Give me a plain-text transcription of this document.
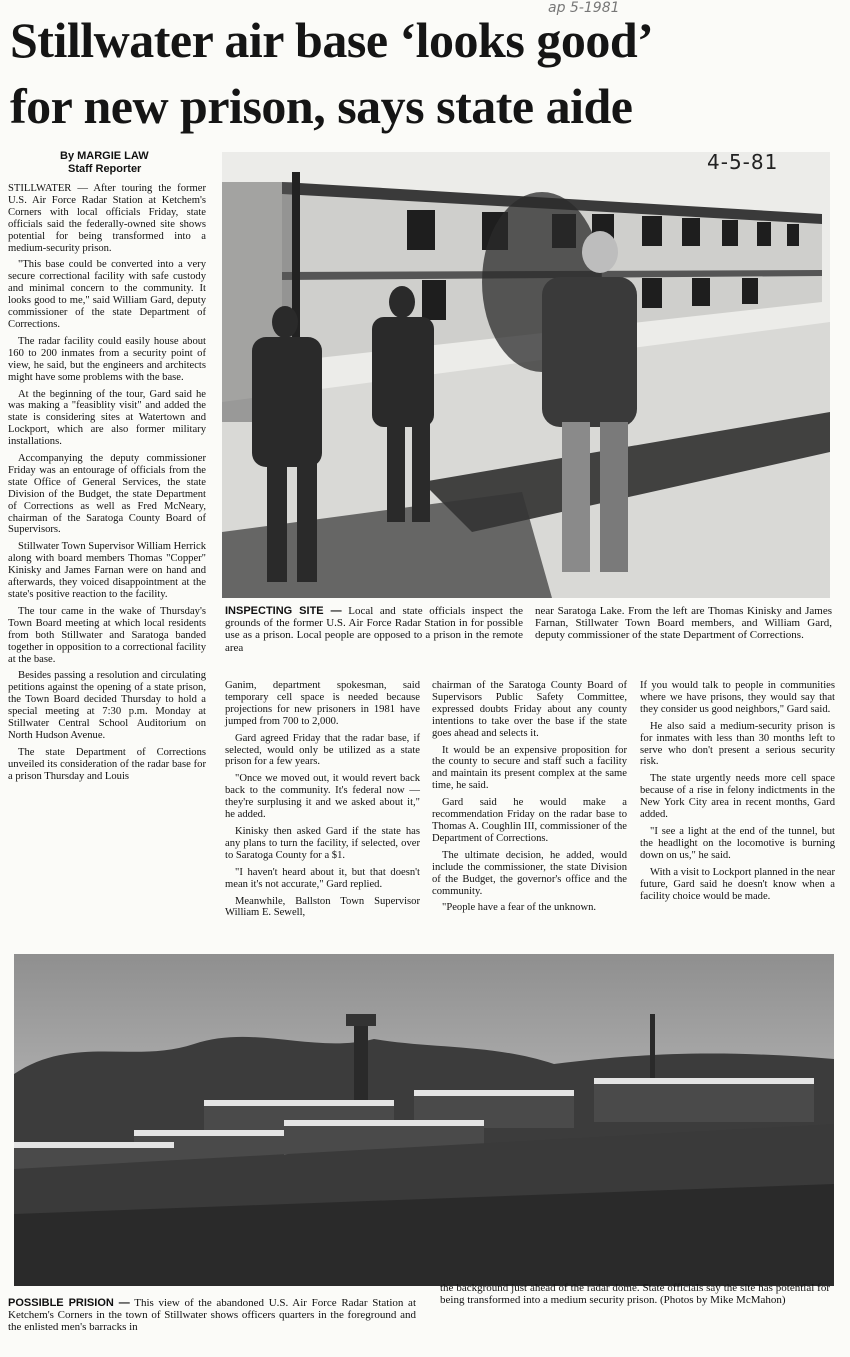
ap 5-1981
Stillwater air base ‘looks good’
for new prison, says state aide
By MARGIE LAW
Staff Reporter	4-5-81

STILLWATER — After touring the former U.S. Air Force Radar Station at Ketchem's Corners with local officials Friday, state officials said the federally-owned site shows potential for being transformed into a medium-security prison.

"This base could be converted into a very secure correctional facility with safe custody and minimal concern to the community. It looks good to me," said William Gard, deputy commissioner of the state Department of Corrections.

The radar facility could easily house about 160 to 200 inmates from a security point of view, he said, but the engineers and architects might have some problems with the base.

At the beginning of the tour, Gard said he was making a "feasiblity visit" and added the state is considering sites at Watertown and Lockport, which are also former military installations.

Accompanying the deputy commissioner Friday was an entourage of officials from the state Office of General Services, the state Division of the Budget, the state Department of Corrections as well as Fred McNeary, chairman of the Saratoga County Board of Supervisors.

Stillwater Town Supervisor William Herrick along with board members Thomas "Copper" Kinisky and James Farnan were on hand and afterwards, they voiced disappointment at the state's positive reaction to the facility.

The tour came in the wake of Thursday's Town Board meeting at which local residents from both Stillwater and Saratoga banded together in opposition to a correctional facility at the base.

Besides passing a resolution and circulating petitions against the opening of a state prison, the Town Board decided Thursday to hold a special meeting at 7:30 p.m. Monday at Stillwater Central School Auditorium on North Hudson Avenue.

The state Department of Corrections unveiled its consideration of the radar base for a prison Thursday and Louis

INSPECTING SITE — Local and state officials inspect the grounds of the former U.S. Air Force Radar Station in for possible use as a prison. Local people are opposed to a prison in the remote area
near Saratoga Lake. From the left are Thomas Kinisky and James Farnan, Stillwater Town Board members, and William Gard, deputy commissioner of the state Department of Corrections.

Ganim, department spokesman, said temporary cell space is needed because projections for new prisoners in 1981 have jumped from 700 to 2,000.

Gard agreed Friday that the radar base, if selected, would only be utilized as a state prison for a few years.

"Once we moved out, it would revert back back to the community. It's federal now — they're surplusing it and we asked about it," he added.

Kinisky then asked Gard if the state has any plans to turn the facility, if selected, over to Saratoga County for a $1.

"I haven't heard about it, but that doesn't mean it's not accurate," Gard replied.

Meanwhile, Ballston Town Supervisor William E. Sewell,

chairman of the Saratoga County Board of Supervisors Public Safety Committee, expressed doubts Friday about any county intentions to take over the base if the state goes ahead and selects it.

It would be an expensive proposition for the county to secure and staff such a facility and maintain its present complex at the same time, he said.

Gard said he would make a recommendation Friday on the radar base to Thomas A. Coughlin III, commissioner of the Department of Corrections.

The ultimate decision, he added, would include the commissioner, the state Division of the Budget, the governor's office and the community.

"People have a fear of the unknown.

If you would talk to people in communities where we have prisons, they would say that they consider us good neighbors," Gard said.

He also said a medium-security prison is for inmates with less than 30 months left to serve who don't present a serious security risk.

The state urgently needs more cell space because of a rise in felony indictments in the New York City area in recent months, Gard added.

"I see a light at the end of the tunnel, but the headlight on the locomotive is burning down on us," he said.

With a visit to Lockport planned in the near future, Gard said he doesn't know when a facility choice would be made.

POSSIBLE PRISION — This view of the abandoned U.S. Air Force Radar Station at Ketchem's Corners in the town of Stillwater shows officers quarters in the foreground and the enlisted men's barracks in
the background just ahead of the radar dome. State officials say the site has potential for being transformed into a medium security prison. (Photos by Mike McMahon)
